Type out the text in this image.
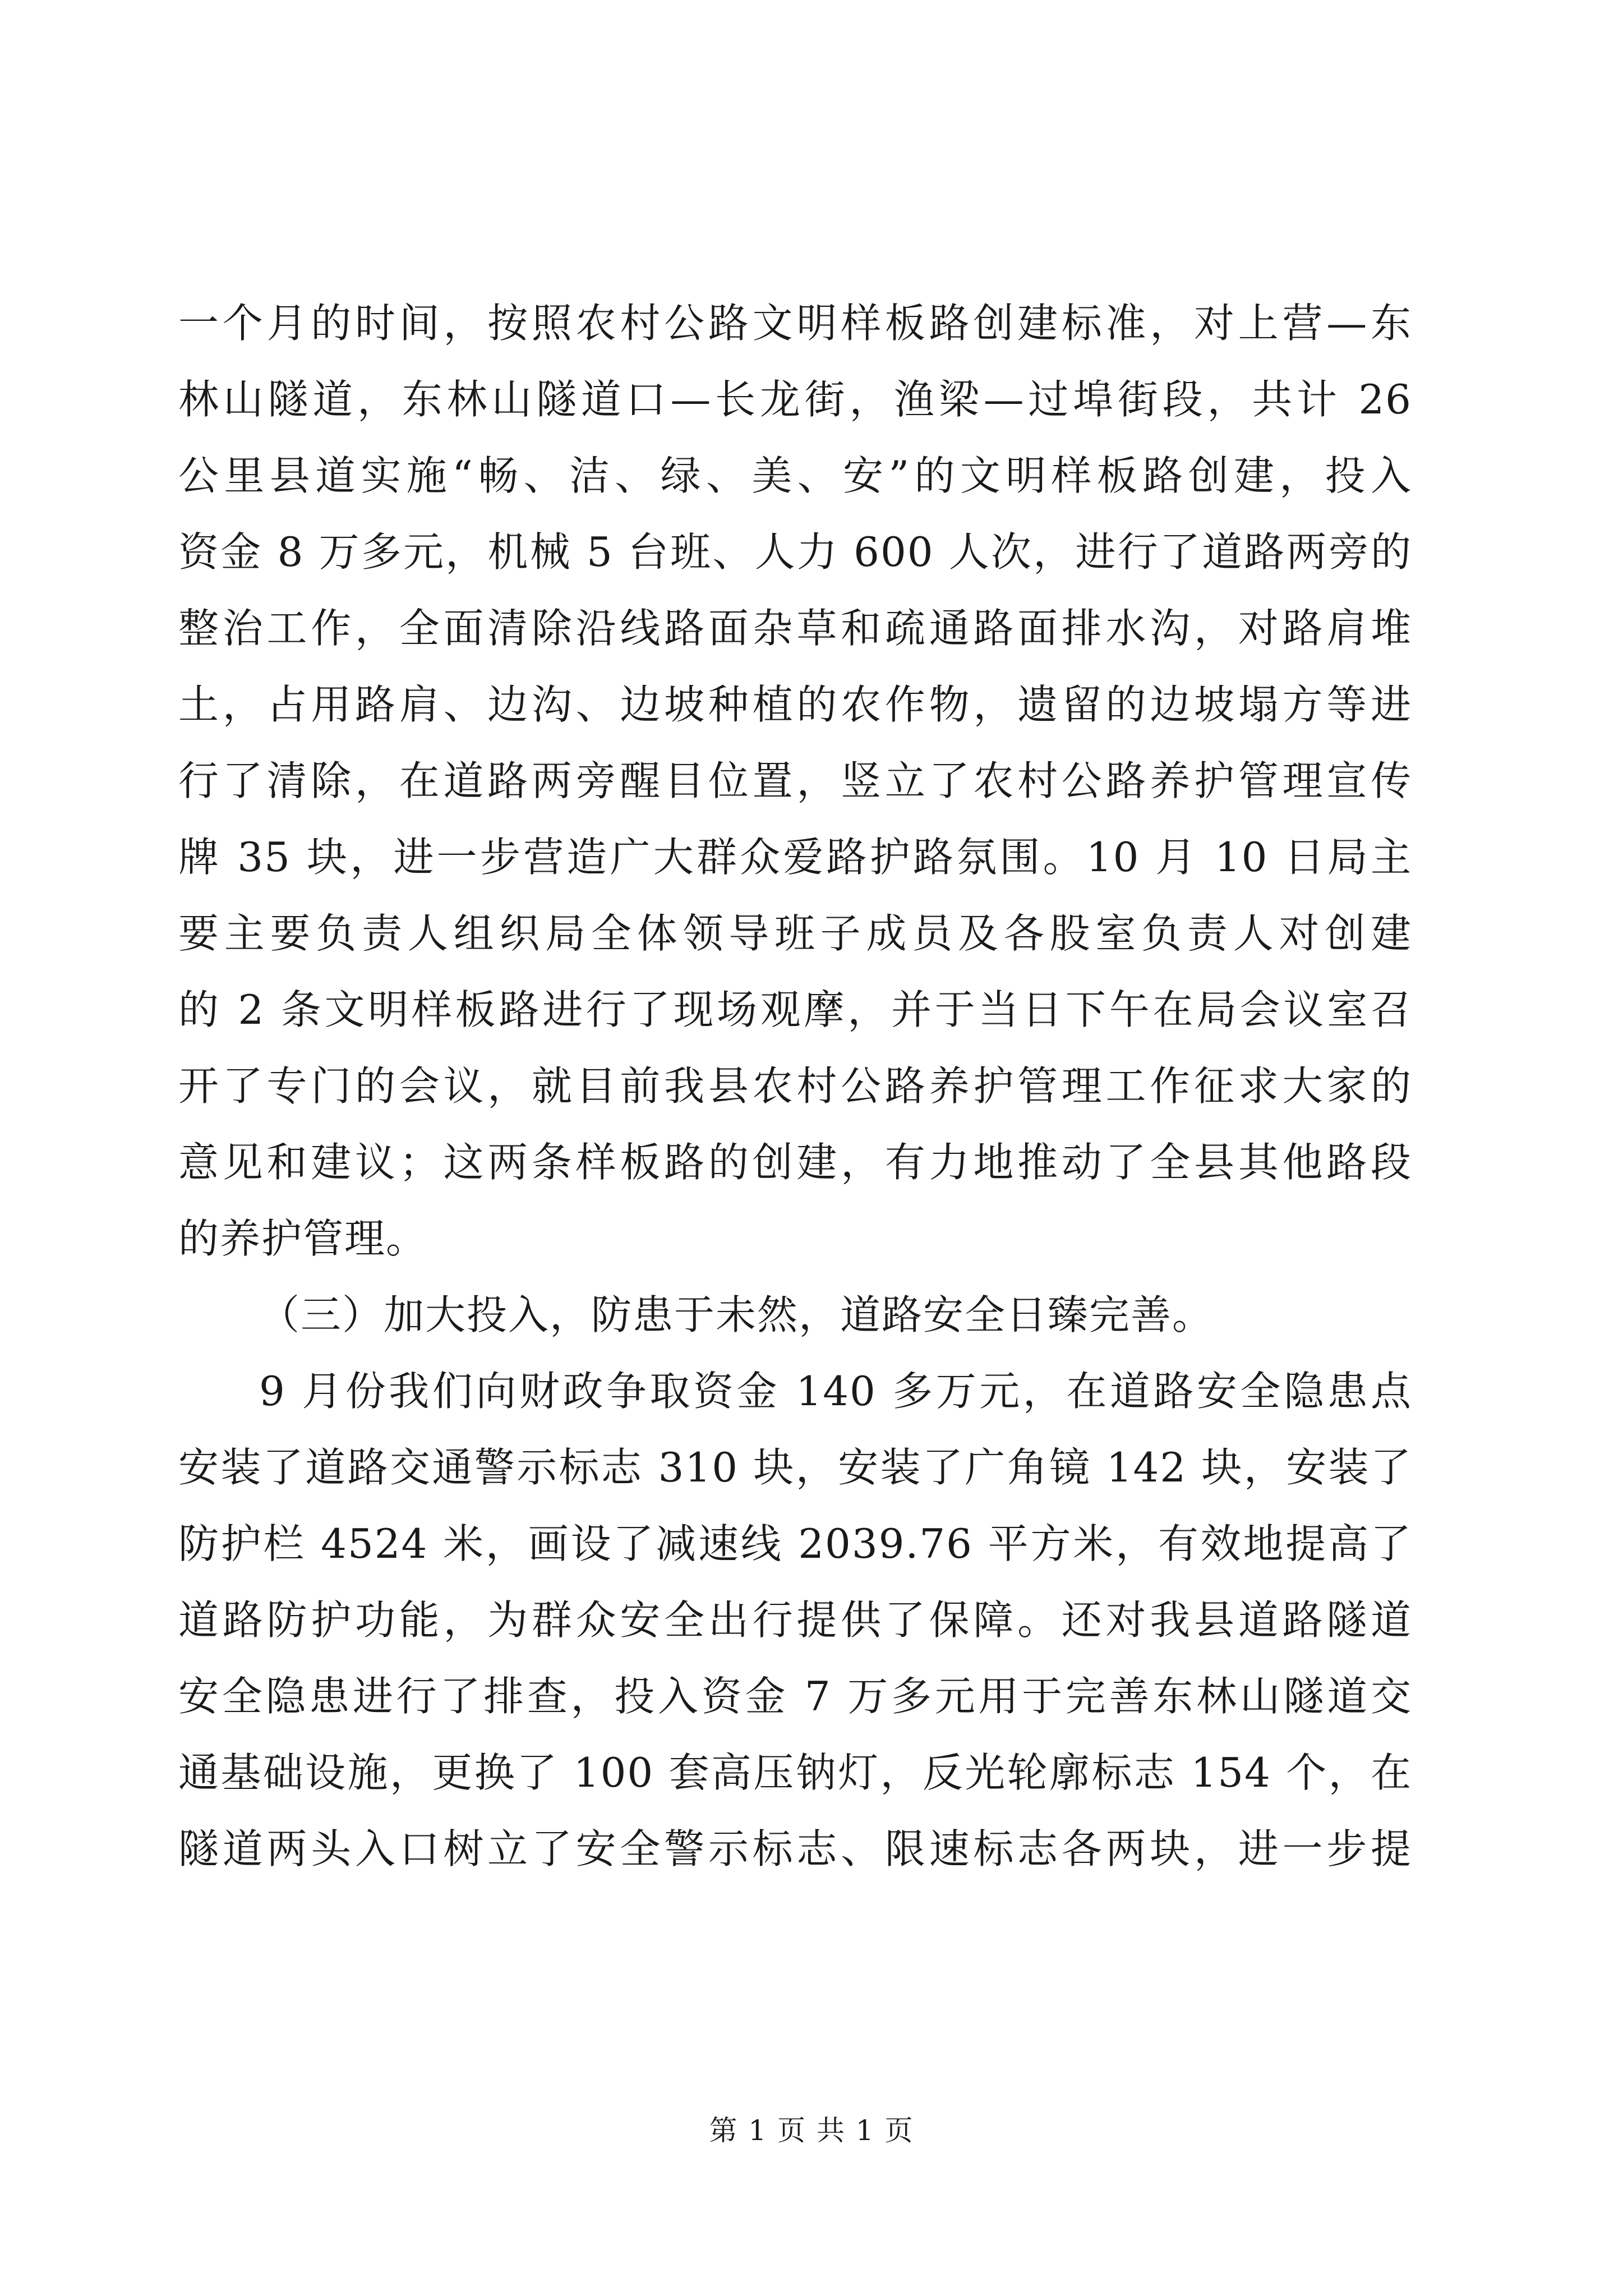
一个月的时间，按照农村公路文明样板路创建标准，对上营—东
林山隧道，东林山隧道口—长龙街，渔梁—过埠街段，共计 26
公里县道实施“畅、洁、绿、美、安”的文明样板路创建，投入
资金 8 万多元，机械 5 台班、人力 600 人次，进行了道路两旁的
整治工作，全面清除沿线路面杂草和疏通路面排水沟，对路肩堆
土，占用路肩、边沟、边坡种植的农作物，遗留的边坡塌方等进
行了清除，在道路两旁醒目位置，竖立了农村公路养护管理宣传
牌 35 块，进一步营造广大群众爱路护路氛围。10 月 10 日局主
要主要负责人组织局全体领导班子成员及各股室负责人对创建
的 2 条文明样板路进行了现场观摩，并于当日下午在局会议室召
开了专门的会议，就目前我县农村公路养护管理工作征求大家的
意见和建议；这两条样板路的创建，有力地推动了全县其他路段
的养护管理。
（三）加大投入，防患于未然，道路安全日臻完善。
9 月份我们向财政争取资金 140 多万元，在道路安全隐患点
安装了道路交通警示标志 310 块，安装了广角镜 142 块，安装了
防护栏 4524 米，画设了减速线 2039.76 平方米，有效地提高了
道路防护功能，为群众安全出行提供了保障。还对我县道路隧道
安全隐患进行了排查，投入资金 7 万多元用于完善东林山隧道交
通基础设施，更换了 100 套高压钠灯，反光轮廓标志 154 个，在
隧道两头入口树立了安全警示标志、限速标志各两块，进一步提
第 1 页 共 1 页
